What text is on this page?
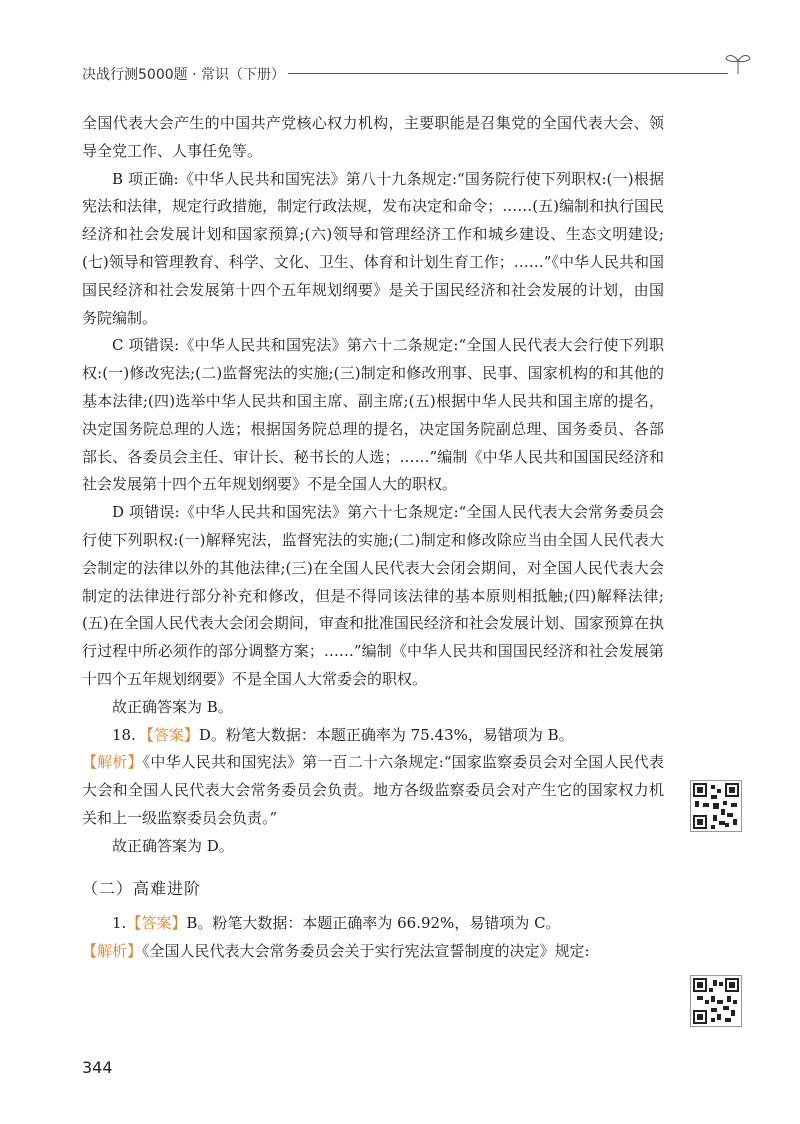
决战行测5000题 · 常识（下册）

全国代表大会产生的中国共产党核心权力机构，主要职能是召集党的全国代表大会、领导全党工作、人事任免等。

B 项正确:《中华人民共和国宪法》第八十九条规定:“国务院行使下列职权:(一)根据宪法和法律，规定行政措施，制定行政法规，发布决定和命令；……(五)编制和执行国民经济和社会发展计划和国家预算;(六)领导和管理经济工作和城乡建设、生态文明建设;(七)领导和管理教育、科学、文化、卫生、体育和计划生育工作；……”《中华人民共和国国民经济和社会发展第十四个五年规划纲要》是关于国民经济和社会发展的计划，由国务院编制。

C 项错误:《中华人民共和国宪法》第六十二条规定:“全国人民代表大会行使下列职权:(一)修改宪法;(二)监督宪法的实施;(三)制定和修改刑事、民事、国家机构的和其他的基本法律;(四)选举中华人民共和国主席、副主席;(五)根据中华人民共和国主席的提名，决定国务院总理的人选；根据国务院总理的提名，决定国务院副总理、国务委员、各部部长、各委员会主任、审计长、秘书长的人选；……”编制《中华人民共和国国民经济和社会发展第十四个五年规划纲要》不是全国人大的职权。

D 项错误:《中华人民共和国宪法》第六十七条规定:“全国人民代表大会常务委员会行使下列职权:(一)解释宪法，监督宪法的实施;(二)制定和修改除应当由全国人民代表大会制定的法律以外的其他法律;(三)在全国人民代表大会闭会期间，对全国人民代表大会制定的法律进行部分补充和修改，但是不得同该法律的基本原则相抵触;(四)解释法律;(五)在全国人民代表大会闭会期间，审查和批准国民经济和社会发展计划、国家预算在执行过程中所必须作的部分调整方案；……”编制《中华人民共和国国民经济和社会发展第十四个五年规划纲要》不是全国人大常委会的职权。

故正确答案为 B。

18. 【答案】D。粉笔大数据：本题正确率为 75.43%，易错项为 B。

【解析】《中华人民共和国宪法》第一百二十六条规定:“国家监察委员会对全国人民代表大会和全国人民代表大会常务委员会负责。地方各级监察委员会对产生它的国家权力机关和上一级监察委员会负责。”

故正确答案为 D。

（二）高难进阶

1.【答案】B。粉笔大数据：本题正确率为 66.92%，易错项为 C。

【解析】《全国人民代表大会常务委员会关于实行宪法宣誓制度的决定》规定:

344
